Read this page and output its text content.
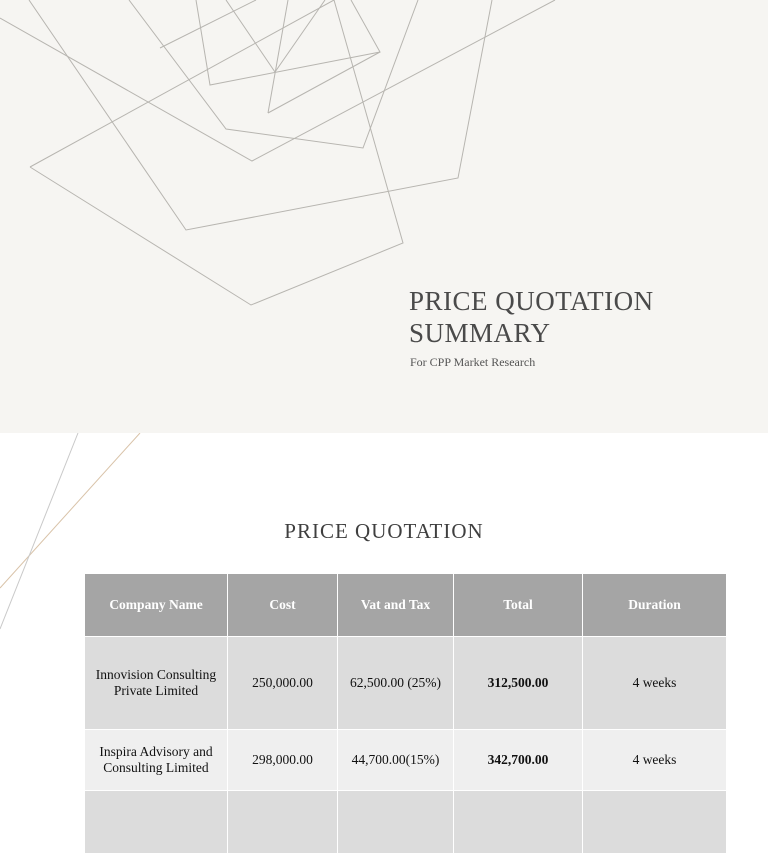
PRICE QUOTATION SUMMARY
For CPP Market Research
PRICE QUOTATION
Company Name	Cost	Vat and Tax	Total	Duration
Innovision Consulting Private Limited	250,000.00	62,500.00 (25%)	312,500.00	4 weeks
Inspira Advisory and Consulting Limited	298,000.00	44,700.00(15%)	342,700.00	4 weeks
